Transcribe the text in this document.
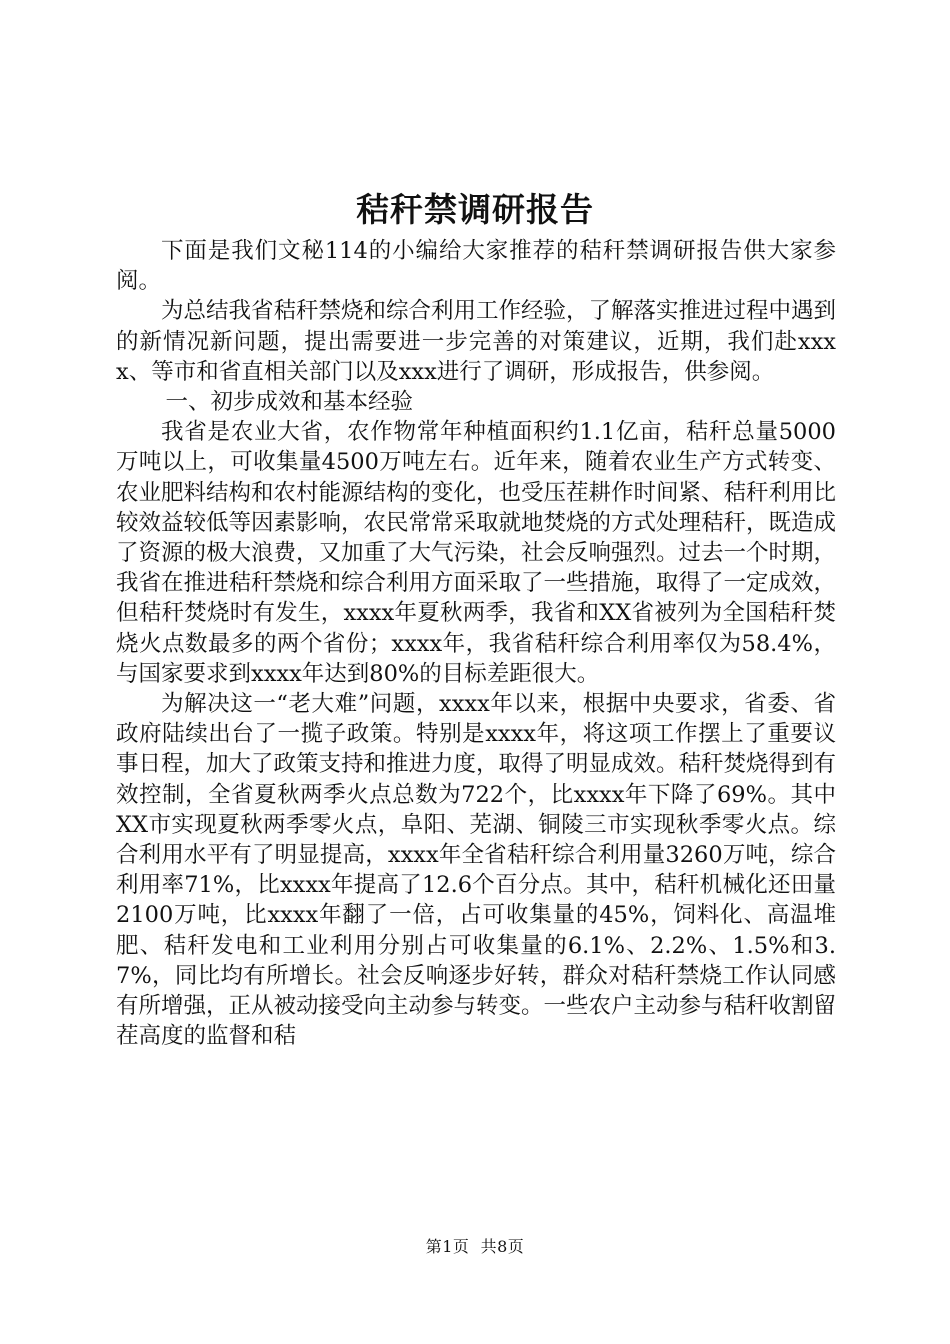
秸秆禁调研报告

下面是我们文秘114的小编给大家推荐的秸秆禁调研报告供大家参阅。

为总结我省秸秆禁烧和综合利用工作经验，了解落实推进过程中遇到的新情况新问题，提出需要进一步完善的对策建议，近期，我们赴xxxx、等市和省直相关部门以及xxx进行了调研，形成报告，供参阅。

一、初步成效和基本经验

我省是农业大省，农作物常年种植面积约1.1亿亩，秸秆总量5000万吨以上，可收集量4500万吨左右。近年来，随着农业生产方式转变、农业肥料结构和农村能源结构的变化，也受压茬耕作时间紧、秸秆利用比较效益较低等因素影响，农民常常采取就地焚烧的方式处理秸秆，既造成了资源的极大浪费，又加重了大气污染，社会反响强烈。过去一个时期，我省在推进秸秆禁烧和综合利用方面采取了一些措施，取得了一定成效，但秸秆焚烧时有发生，xxxx年夏秋两季，我省和XX省被列为全国秸秆焚烧火点数最多的两个省份；xxxx年，我省秸秆综合利用率仅为58.4%，与国家要求到xxxx年达到80%的目标差距很大。

为解决这一“老大难”问题，xxxx年以来，根据中央要求，省委、省政府陆续出台了一揽子政策。特别是xxxx年，将这项工作摆上了重要议事日程，加大了政策支持和推进力度，取得了明显成效。秸秆焚烧得到有效控制，全省夏秋两季火点总数为722个，比xxxx年下降了69%。其中XX市实现夏秋两季零火点，阜阳、芜湖、铜陵三市实现秋季零火点。综合利用水平有了明显提高，xxxx年全省秸秆综合利用量3260万吨，综合利用率71%，比xxxx年提高了12.6个百分点。其中，秸秆机械化还田量2100万吨，比xxxx年翻了一倍，占可收集量的45%，饲料化、高温堆肥、秸秆发电和工业利用分别占可收集量的6.1%、2.2%、1.5%和3.7%，同比均有所增长。社会反响逐步好转，群众对秸秆禁烧工作认同感有所增强，正从被动接受向主动参与转变。一些农户主动参与秸秆收割留茬高度的监督和秸

第1页  共8页
